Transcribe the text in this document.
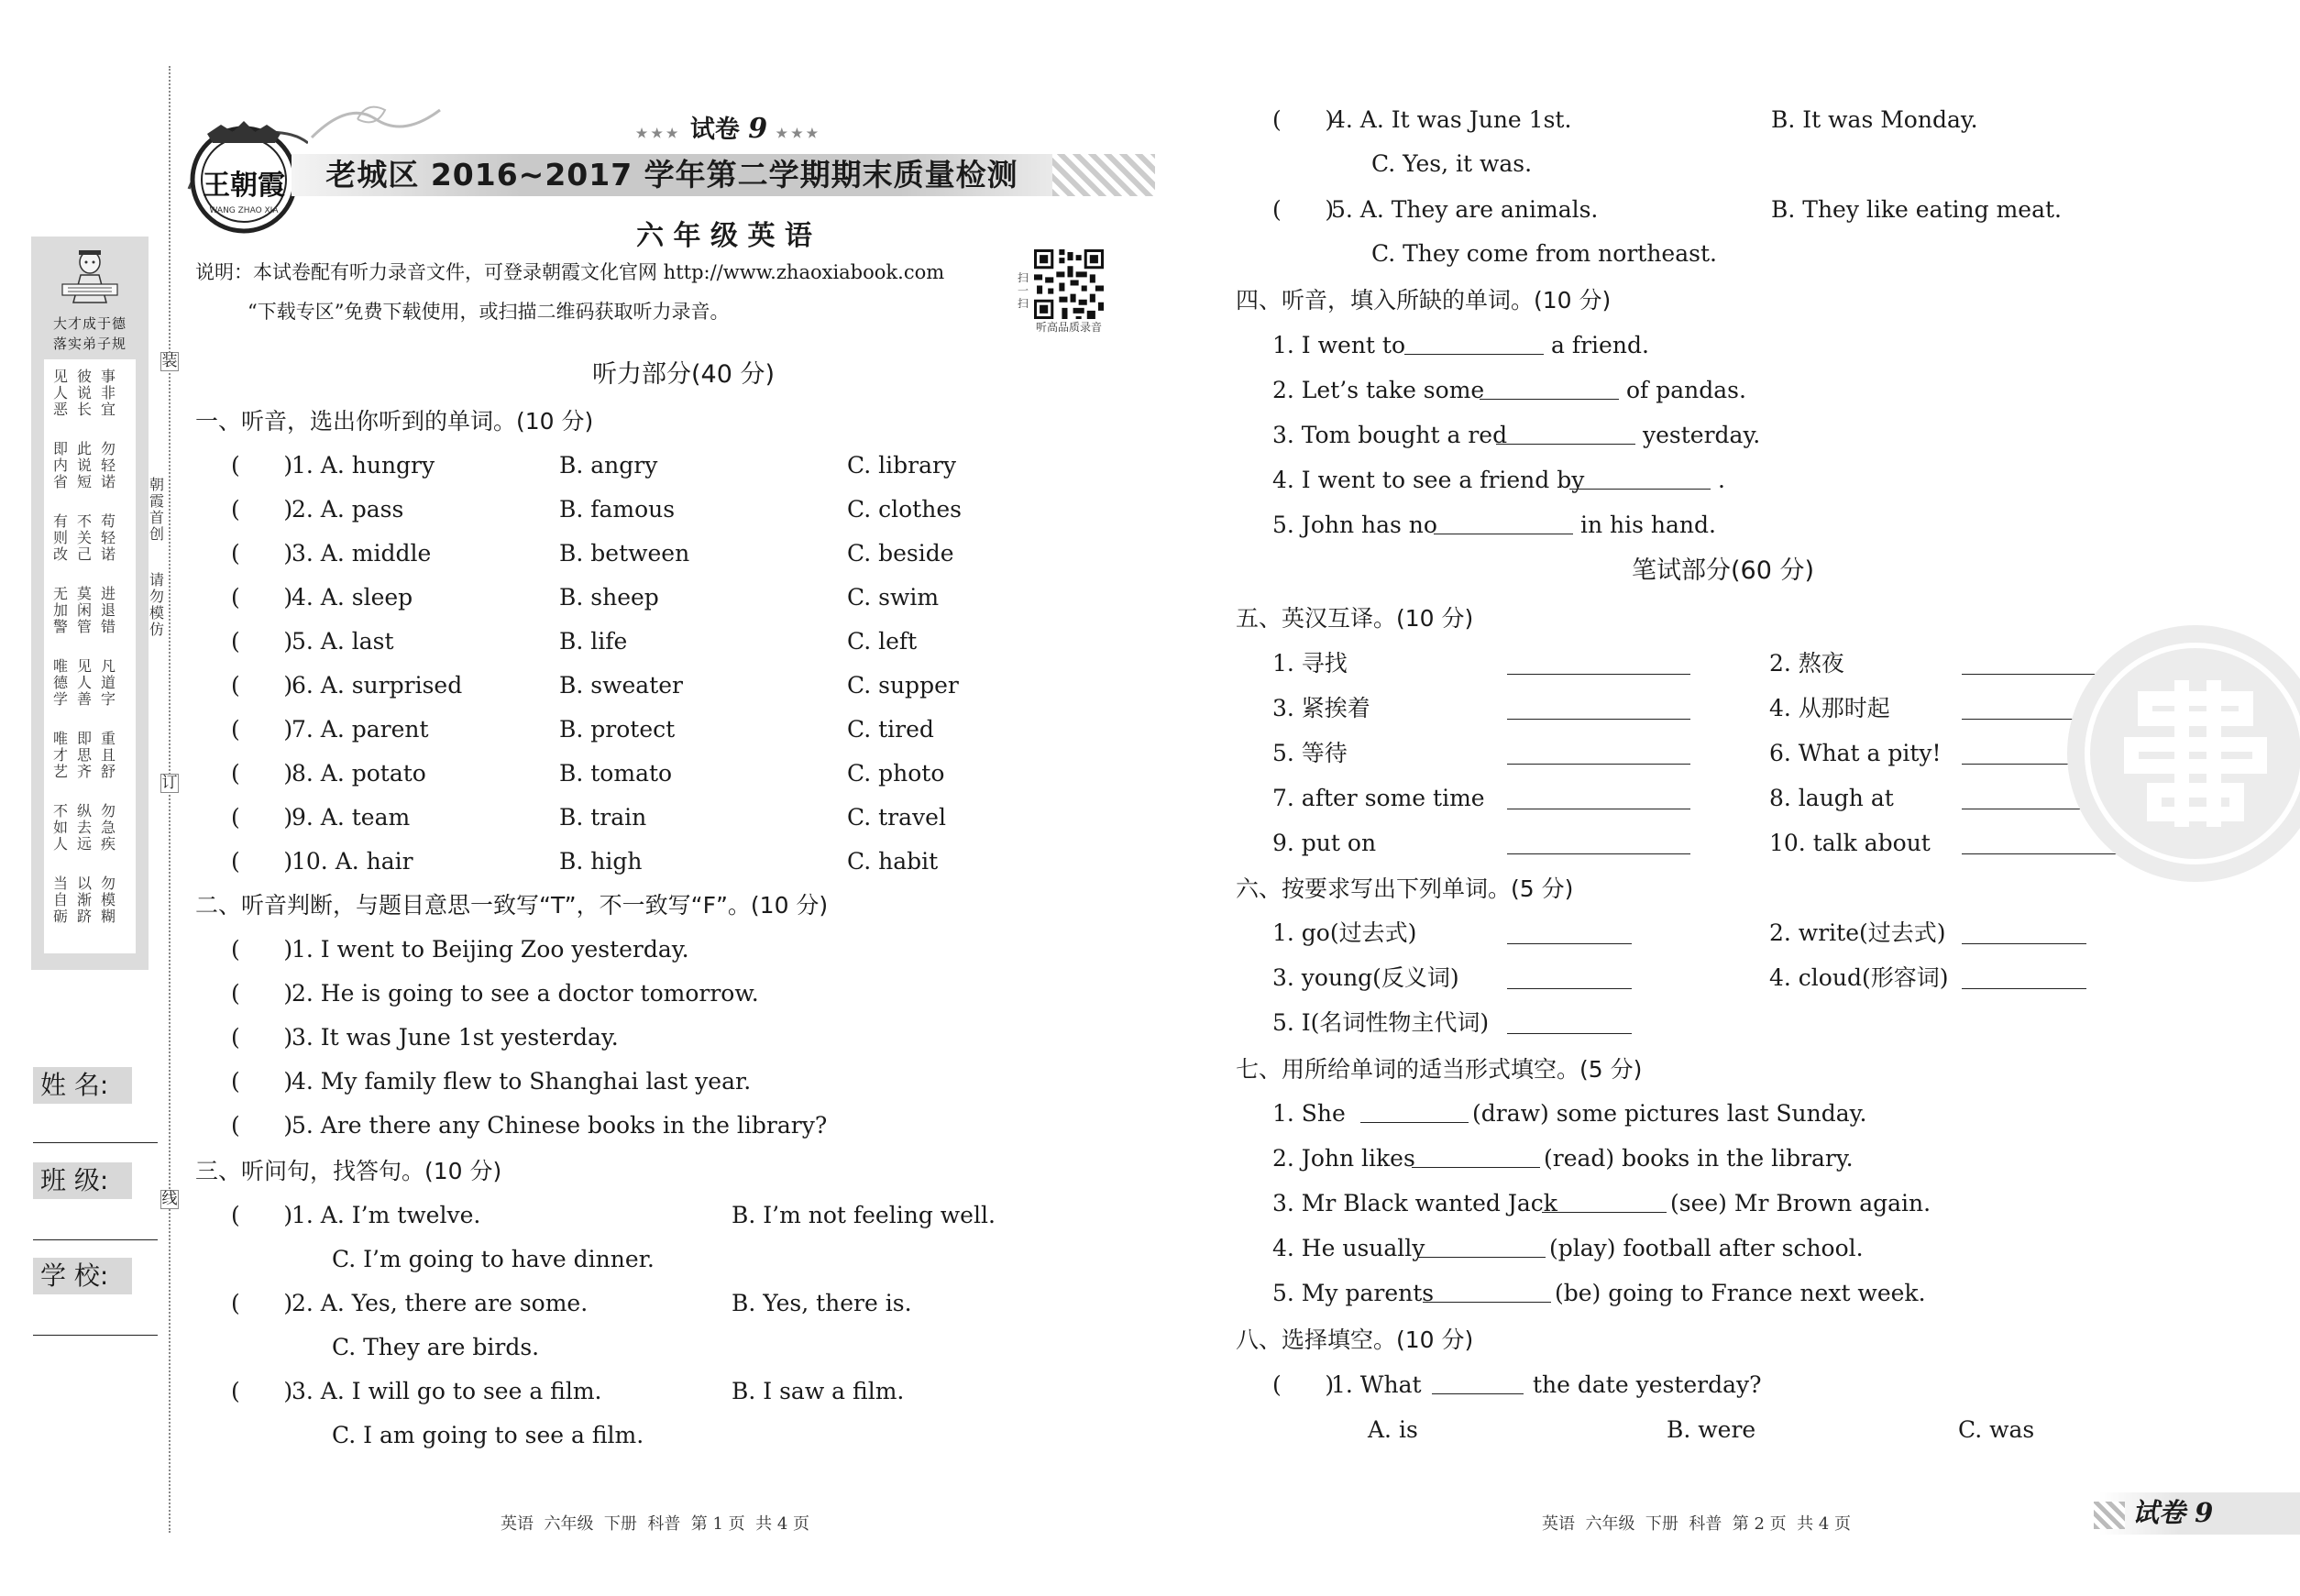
大才成于德
落实弟子规
见人恶
彼说长
事非宜
即内省
此说短
勿轻诺
有则改
不关己
苟轻诺
无加警
莫闲管
进退错
唯德学
见人善
凡道字
唯才艺
即思齐
重且舒
不如人
纵去远
勿急疾
当自砺
以渐跻
勿模糊
装
订
线
朝霞首创
请勿模仿
姓 名:
班 级:
学 校:
王朝霞
WANG ZHAO XIA
★★★ 试卷 9 ★★★
老城区 2016~2017 学年第二学期期末质量检测
六 年 级 英 语
说明：本试卷配有听力录音文件，可登录朝霞文化官网 http://www.zhaoxiabook.com
“下载专区”免费下载使用，或扫描二维码获取听力录音。
扫一扫
听高品质录音
听力部分(40 分)
一、听音，选出你听到的单词。(10 分)
(      )
1. A. hungry	B. angry	C. library
(      )
2. A. pass	B. famous	C. clothes
(      )
3. A. middle	B. between	C. beside
(      )
4. A. sleep	B. sheep	C. swim
(      )
5. A. last	B. life	C. left
(      )
6. A. surprised	B. sweater	C. supper
(      )
7. A. parent	B. protect	C. tired
(      )
8. A. potato	B. tomato	C. photo
(      )
9. A. team	B. train	C. travel
(      )
10. A. hair	B. high	C. habit
二、听音判断，与题目意思一致写“T”，不一致写“F”。(10 分)
(      )
1. I went to Beijing Zoo yesterday.
(      )
2. He is going to see a doctor tomorrow.
(      )
3. It was June 1st yesterday.
(      )
4. My family flew to Shanghai last year.
(      )
5. Are there any Chinese books in the library?
三、听问句，找答句。(10 分)
(      )
1. A. I’m twelve.	B. I’m not feeling well.
C. I’m going to have dinner.
(      )
2. A. Yes, there are some.	B. Yes, there is.
C. They are birds.
(      )
3. A. I will go to see a film.	B. I saw a film.
C. I am going to see a film.
(      )
4. A. It was June 1st.	B. It was Monday.
C. Yes, it was.
(      )
5. A. They are animals.	B. They like eating meat.
C. They come from northeast.
英语  六年级  下册  科普  第 1 页  共 4 页
四、听音，填入所缺的单词。(10 分)
1. I went to	a friend.
2. Let’s take some	of pandas.
3. Tom bought a red	yesterday.
4. I went to see a friend by	.
5. John has no	in his hand.
笔试部分(60 分)
五、英汉互译。(10 分)
1. 寻找	2. 熬夜
3. 紧挨着	4. 从那时起
5. 等待	6. What a pity!
7. after some time	8. laugh at
9. put on	10. talk about
六、按要求写出下列单词。(5 分)
1. go(过去式)	2. write(过去式)
3. young(反义词)	4. cloud(形容词)
5. I(名词性物主代词)
七、用所给单词的适当形式填空。(5 分)
1. She	(draw) some pictures last Sunday.
2. John likes	(read) books in the library.
3. Mr Black wanted Jack	(see) Mr Brown again.
4. He usually	(play) football after school.
5. My parents	(be) going to France next week.
八、选择填空。(10 分)
(      )
1. What	the date yesterday?
A. is	B. were	C. was
英语  六年级  下册  科普  第 2 页  共 4 页	试卷 9
